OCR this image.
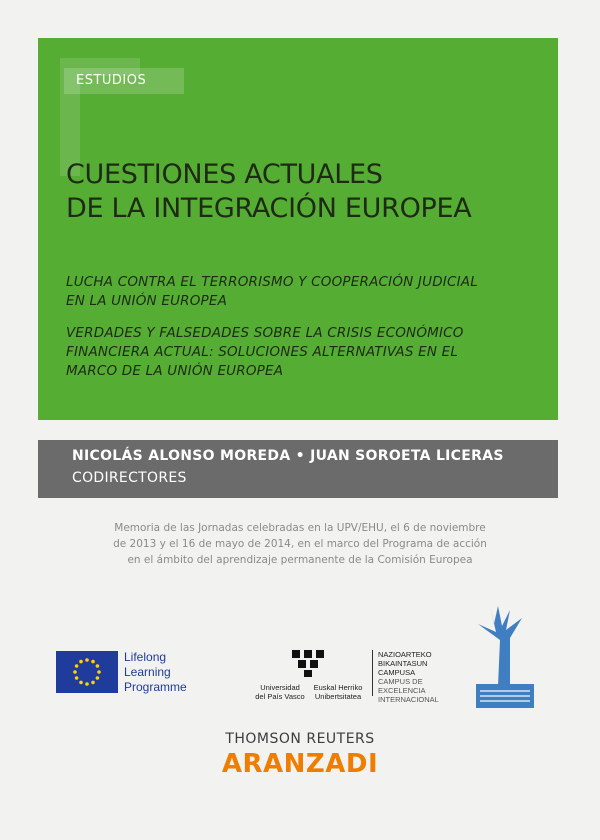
ESTUDIOS
CUESTIONES ACTUALES
DE LA INTEGRACIÓN EUROPEA
LUCHA CONTRA EL TERRORISMO Y COOPERACIÓN JUDICIAL
EN LA UNIÓN EUROPEA
VERDADES Y FALSEDADES SOBRE LA CRISIS ECONÓMICO
FINANCIERA ACTUAL: SOLUCIONES ALTERNATIVAS EN EL
MARCO DE LA UNIÓN EUROPEA
NICOLÁS ALONSO MOREDA • JUAN SOROETA LICERAS
CODIRECTORES
Memoria de las Jornadas celebradas en la UPV/EHU, el 6 de noviembre
de 2013 y el 16 de mayo de 2014, en el marco del Programa de acción
en el ámbito del aprendizaje permanente de la Comisión Europea
Lifelong
Learning
Programme	Universidad
del País Vasco
Euskal Herriko
Unibertsitatea
NAZIOARTEKO
BIKAINTASUN
CAMPUSA
CAMPUS DE
EXCELENCIA
INTERNACIONAL
THOMSON REUTERS
ARANZADI
